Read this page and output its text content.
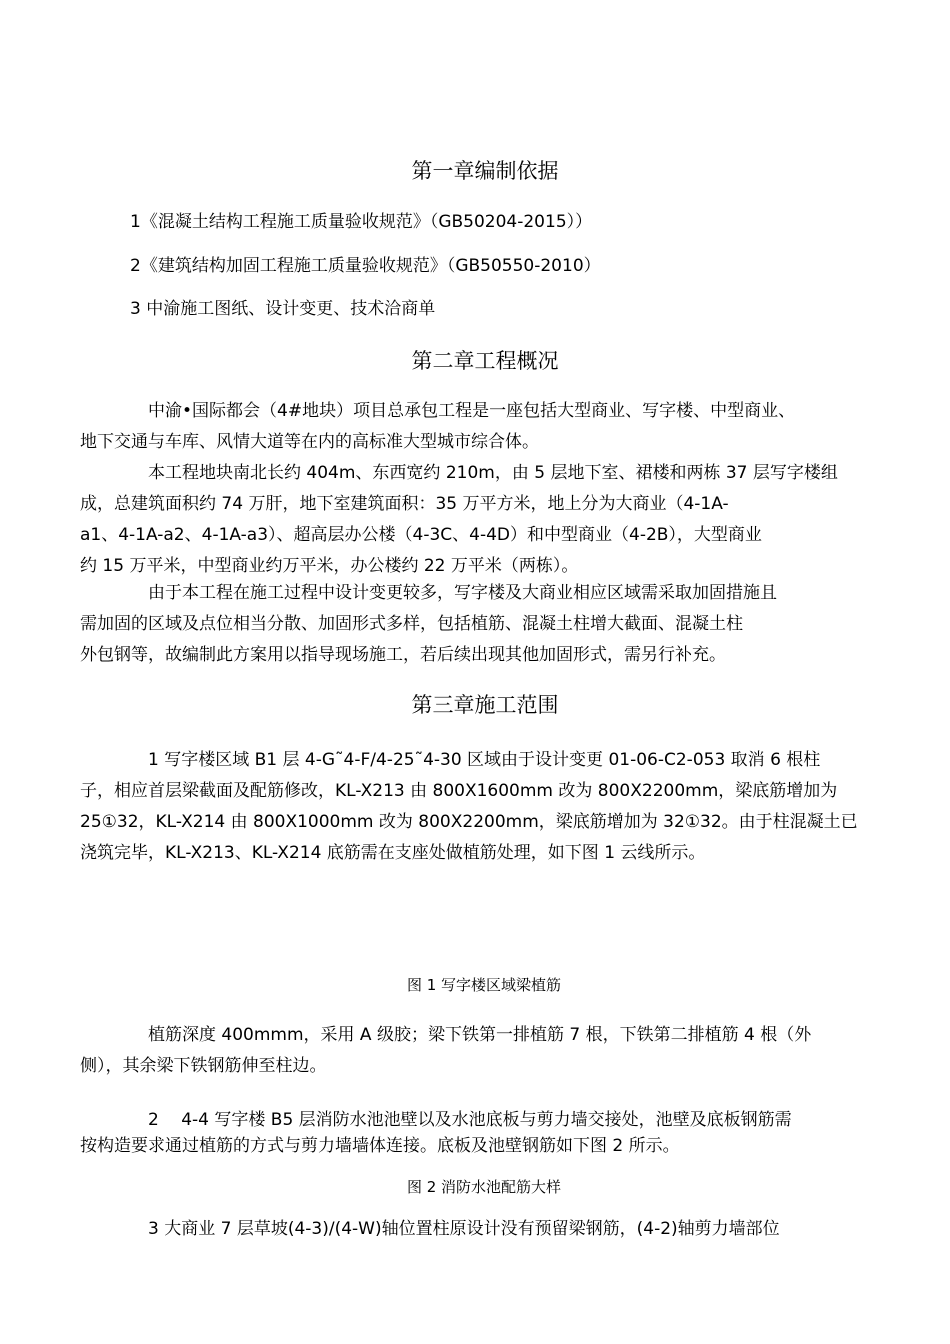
第一章编制依据
1《混凝土结构工程施工质量验收规范》（GB50204-2015））
2《建筑结构加固工程施工质量验收规范》（GB50550-2010）
3 中渝施工图纸、设计变更、技术洽商单
第二章工程概况
中渝•国际都会（4#地块）项目总承包工程是一座包括大型商业、写字楼、中型商业、
地下交通与车库、风情大道等在内的高标准大型城市综合体。
本工程地块南北长约 404m、东西宽约 210m，由 5 层地下室、裙楼和两栋 37 层写字楼组
成，总建筑面积约 74 万肝，地下室建筑面积：35 万平方米，地上分为大商业（4-1A-
a1、4-1A-a2、4-1A-a3）、超高层办公楼（4-3C、4-4D）和中型商业（4-2B），大型商业
约 15 万平米，中型商业约万平米，办公楼约 22 万平米（两栋）。
由于本工程在施工过程中设计变更较多，写字楼及大商业相应区域需采取加固措施且
需加固的区域及点位相当分散、加固形式多样，包括植筋、混凝土柱增大截面、混凝土柱
外包钢等，故编制此方案用以指导现场施工，若后续出现其他加固形式，需另行补充。
第三章施工范围
1 写字楼区域 B1 层 4-G˜4-F/4-25˜4-30 区域由于设计变更 01-06-C2-053 取消 6 根柱
子，相应首层梁截面及配筋修改，KL-X213 由 800X1600mm 改为 800X2200mm，梁底筋增加为
25①32，KL-X214 由 800X1000mm 改为 800X2200mm，梁底筋增加为 32①32。由于柱混凝土已
浇筑完毕，KL-X213、KL-X214 底筋需在支座处做植筋处理，如下图 1 云线所示。
图 1 写字楼区域梁植筋
植筋深度 400mmm，采用 A 级胶；梁下铁第一排植筋 7 根，下铁第二排植筋 4 根（外
侧），其余梁下铁钢筋伸至柱边。
2　 4-4 写字楼 B5 层消防水池池壁以及水池底板与剪力墙交接处，池壁及底板钢筋需
按构造要求通过植筋的方式与剪力墙墙体连接。底板及池壁钢筋如下图 2 所示。
图 2 消防水池配筋大样
3 大商业 7 层草坡(4-3)/(4-W)轴位置柱原设计没有预留梁钢筋，(4-2)轴剪力墙部位
